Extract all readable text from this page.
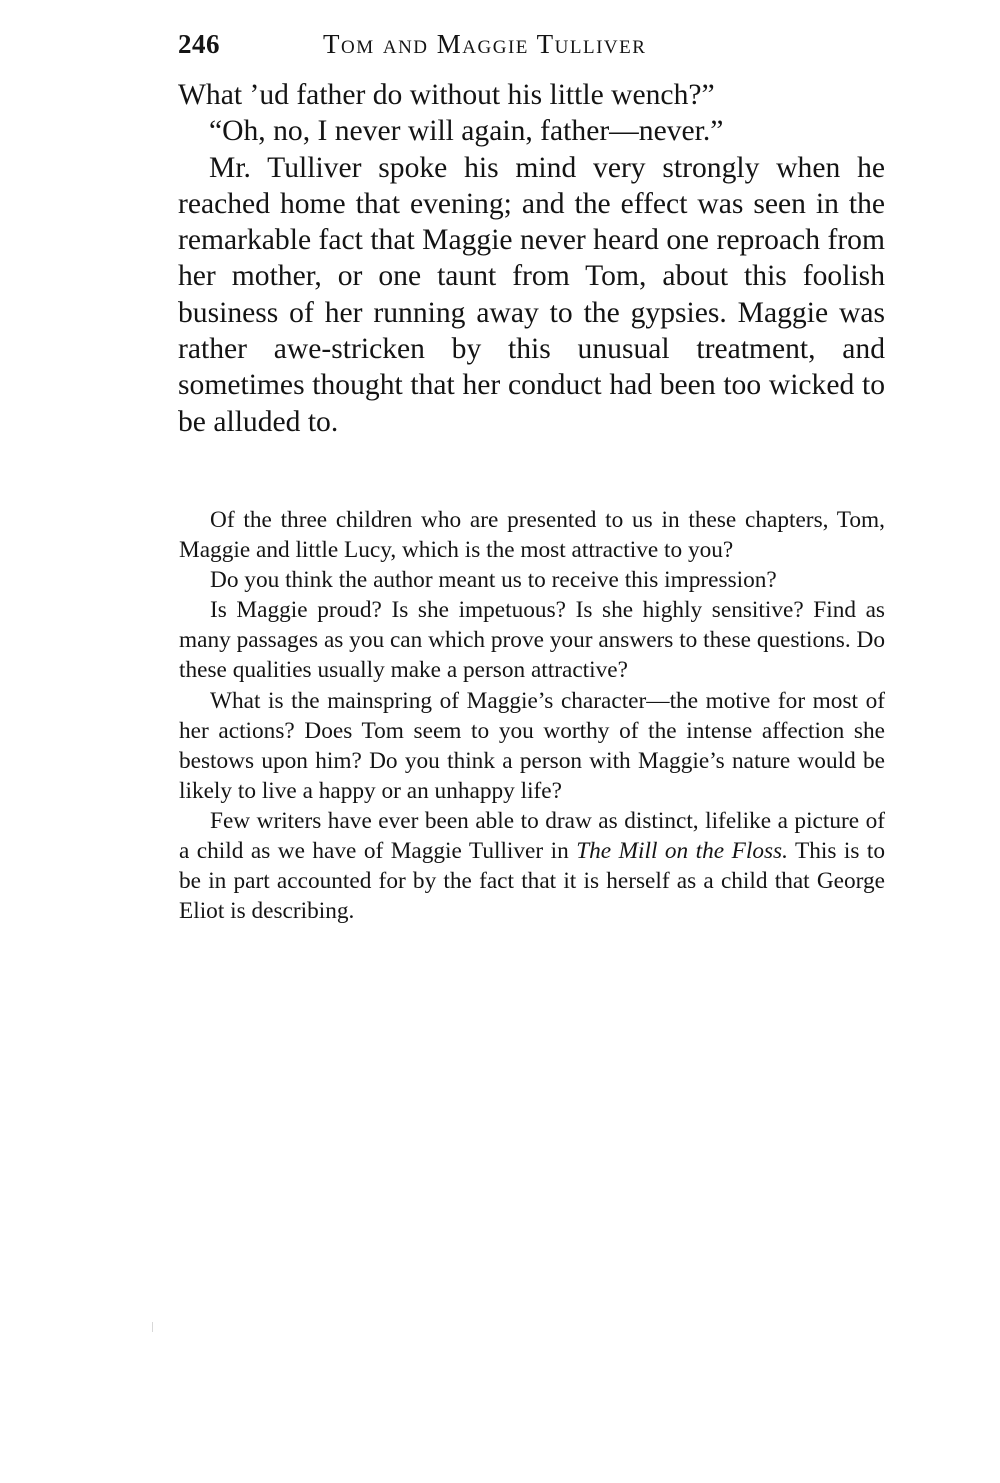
246	Tom and Maggie Tulliver

What ’ud father do without his little wench?”

“Oh, no, I never will again, father—never.”

Mr. Tulliver spoke his mind very strongly when he reached home that evening; and the effect was seen in the remarkable fact that Maggie never heard one reproach from her mother, or one taunt from Tom, about this foolish business of her running away to the gypsies. Maggie was rather awe-stricken by this unusual treatment, and sometimes thought that her conduct had been too wicked to be alluded to.

Of the three children who are presented to us in these chapters, Tom, Maggie and little Lucy, which is the most attractive to you?

Do you think the author meant us to receive this impression?

Is Maggie proud? Is she impetuous? Is she highly sensitive? Find as many passages as you can which prove your answers to these questions. Do these qualities usually make a person attractive?

What is the mainspring of Maggie’s character—the motive for most of her actions? Does Tom seem to you worthy of the intense affection she bestows upon him? Do you think a person with Maggie’s nature would be likely to live a happy or an unhappy life?

Few writers have ever been able to draw as distinct, lifelike a picture of a child as we have of Maggie Tulliver in The Mill on the Floss. This is to be in part accounted for by the fact that it is herself as a child that George Eliot is describing.
